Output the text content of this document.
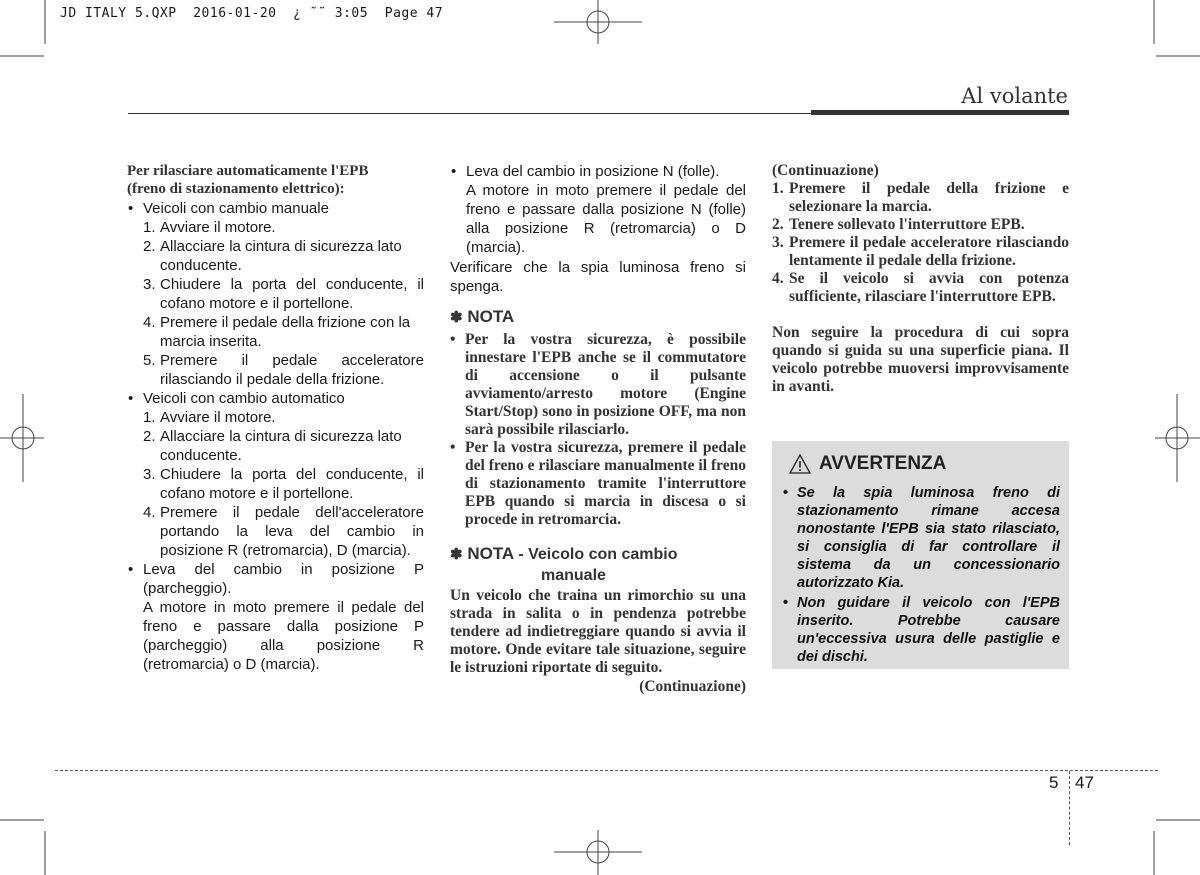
JD ITALY 5.QXP  2016-01-20  ¿ ˜˜ 3:05  Page 47
Al volante
Per rilasciare automaticamente l'EPB (freno di stazionamento elettrico):
• Veicoli con cambio manuale
1. Avviare il motore.
2. Allacciare la cintura di sicurezza lato conducente.
3. Chiudere la porta del conducente, il cofano motore e il portellone.
4. Premere il pedale della frizione con la marcia inserita.
5. Premere il pedale acceleratore rilasciando il pedale della frizione.
• Veicoli con cambio automatico
1. Avviare il motore.
2. Allacciare la cintura di sicurezza lato conducente.
3. Chiudere la porta del conducente, il cofano motore e il portellone.
4. Premere il pedale dell'acceleratore portando la leva del cambio in posizione R (retromarcia), D (marcia).
• Leva del cambio in posizione P (parcheggio).
A motore in moto premere il pedale del freno e passare dalla posizione P (parcheggio) alla posizione R (retromarcia) o D (marcia).
• Leva del cambio in posizione N (folle).
A motore in moto premere il pedale del freno e passare dalla posizione N (folle) alla posizione R (retromarcia) o D (marcia).
Verificare che la spia luminosa freno si spenga.
✽ NOTA
• Per la vostra sicurezza, è possibile innestare l'EPB anche se il commutatore di accensione o il pulsante avviamento/arresto motore (Engine Start/Stop) sono in posizione OFF, ma non sarà possibile rilasciarlo.
• Per la vostra sicurezza, premere il pedale del freno e rilasciare manualmente il freno di stazionamento tramite l'interruttore EPB quando si marcia in discesa o si procede in retromarcia.
✽ NOTA - Veicolo con cambio
manuale
Un veicolo che traina un rimorchio su una strada in salita o in pendenza potrebbe tendere ad indietreggiare quando si avvia il motore. Onde evitare tale situazione, seguire le istruzioni riportate di seguito.
(Continuazione)
(Continuazione)
1. Premere il pedale della frizione e selezionare la marcia.
2. Tenere sollevato l'interruttore EPB.
3. Premere il pedale acceleratore rilasciando lentamente il pedale della frizione.
4. Se il veicolo si avvia con potenza sufficiente, rilasciare l'interruttore EPB.
Non seguire la procedura di cui sopra quando si guida su una superficie piana. Il veicolo potrebbe muoversi improvvisamente in avanti.
AVVERTENZA
• Se la spia luminosa freno di stazionamento rimane accesa nonostante l'EPB sia stato rilasciato, si consiglia di far controllare il sistema da un concessionario autorizzato Kia.
• Non guidare il veicolo con l'EPB inserito. Potrebbe causare un'eccessiva usura delle pastiglie e dei dischi.
5 47
